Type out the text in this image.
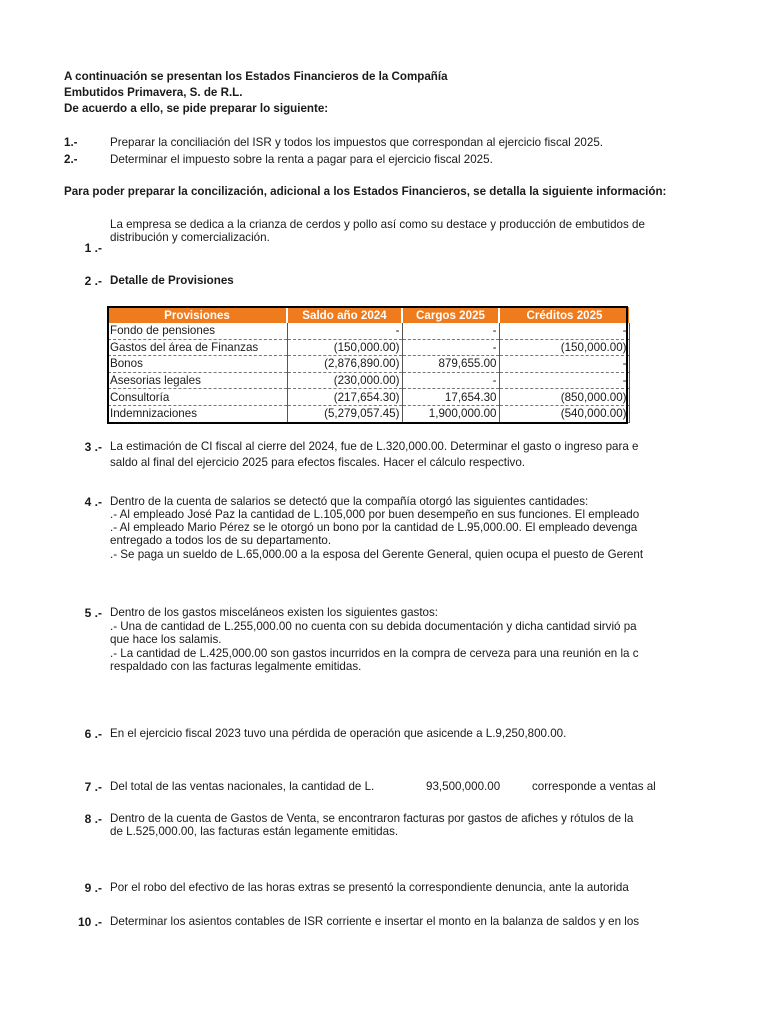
A continuación se presentan los Estados Financieros de la Compañía
Embutidos Primavera, S. de R.L.
De acuerdo a ello, se pide preparar lo siguiente:
1.-	Preparar la conciliación del ISR y todos los impuestos que correspondan al ejercicio fiscal 2025.
2.-	Determinar el impuesto sobre la renta a pagar para el ejercicio fiscal 2025.
Para poder preparar la concilización, adicional a los Estados Financieros, se detalla la siguiente información:
1 .-
La empresa se dedica a la crianza de cerdos y pollo así como su destace y producción de embutidos de
distribución y comercialización.
2 .- Detalle de Provisiones
Provisiones	Saldo año 2024	Cargos 2025	Créditos 2025
Fondo de pensiones	-	-	-
Gastos del área de Finanzas	(150,000.00)	-	(150,000.00)
Bonos	(2,876,890.00)	879,655.00	-
Asesorias legales	(230,000.00)	-	-
Consultoría	(217,654.30)	17,654.30	(850,000.00)
Indemnizaciones	(5,279,057.45)	1,900,000.00	(540,000.00)
3 .- La estimación de CI fiscal al cierre del 2024, fue de L.320,000.00. Determinar el gasto o ingreso para e
saldo al final del ejercicio 2025 para efectos fiscales. Hacer el cálculo respectivo.
4 .- Dentro de la cuenta de salarios se detectó que la compañía otorgó las siguientes cantidades:
.- Al empleado José Paz la cantidad de L.105,000 por buen desempeño en sus funciones. El empleado
.- Al empleado Mario Pérez se le otorgó un bono por la cantidad de L.95,000.00. El empleado devenga
entregado a todos los de su departamento.
.- Se paga un sueldo de L.65,000.00 a la esposa del Gerente General, quien ocupa el puesto de Gerent
5 .- Dentro de los gastos misceláneos existen los siguientes gastos:
.- Una de cantidad de L.255,000.00 no cuenta con su debida documentación y dicha cantidad sirvió pa
que hace los salamis.
.- La cantidad de L.425,000.00 son gastos incurridos en la compra de cerveza para una reunión en la c
respaldado con las facturas legalmente emitidas.
6 .- En el ejercicio fiscal 2023 tuvo una pérdida de operación que asicende a L.9,250,800.00.
7 .- Del total de las ventas nacionales, la cantidad de L.	93,500,000.00	corresponde a ventas al
8 .- Dentro de la cuenta de Gastos de Venta, se encontraron facturas por gastos de afiches y rótulos de la
de L.525,000.00, las facturas están legamente emitidas.
9 .- Por el robo del efectivo de las horas extras se presentó la correspondiente denuncia, ante la autorida
10 .- Determinar los asientos contables de ISR corriente e insertar el monto en la balanza de saldos y en los
